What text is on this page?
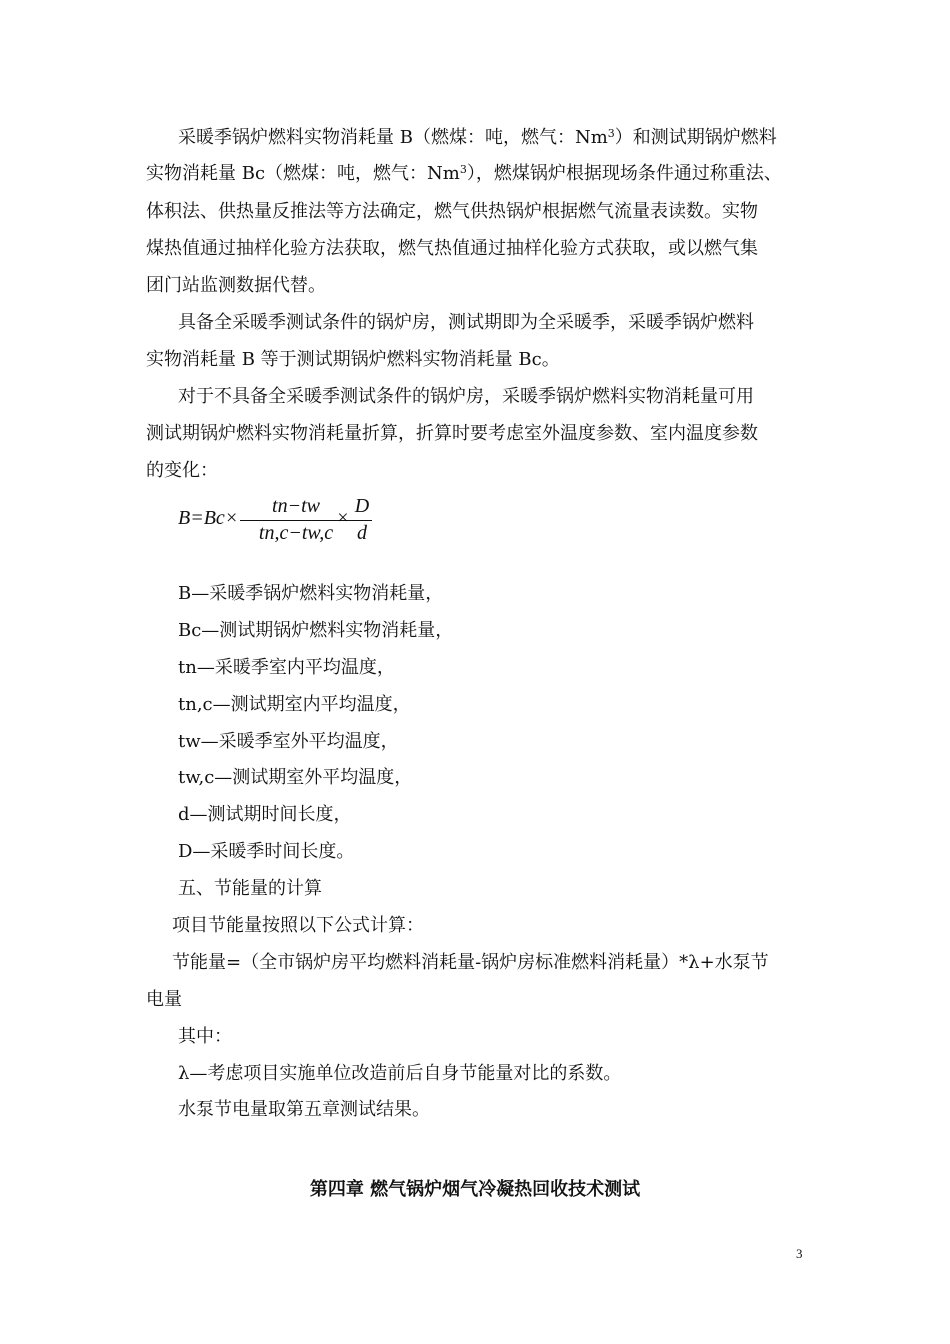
采暖季锅炉燃料实物消耗量 B（燃煤：吨，燃气：Nm$^3$）和测试期锅炉燃料
实物消耗量 Bc（燃煤：吨，燃气：Nm$^3$），燃煤锅炉根据现场条件通过称重法、
体积法、供热量反推法等方法确定，燃气供热锅炉根据燃气流量表读数。实物
煤热值通过抽样化验方法获取，燃气热值通过抽样化验方式获取，或以燃气集
团门站监测数据代替。
具备全采暖季测试条件的锅炉房，测试期即为全采暖季，采暖季锅炉燃料
实物消耗量 B 等于测试期锅炉燃料实物消耗量 Bc。
对于不具备全采暖季测试条件的锅炉房，采暖季锅炉燃料实物消耗量可用
测试期锅炉燃料实物消耗量折算，折算时要考虑室外温度参数、室内温度参数
的变化：
B=Bc×
tn−tw
tn,c−tw,c
×
D
d
B—采暖季锅炉燃料实物消耗量，
Bc—测试期锅炉燃料实物消耗量，
tn—采暖季室内平均温度，
tn,c—测试期室内平均温度，
tw—采暖季室外平均温度，
tw,c—测试期室外平均温度，
d—测试期时间长度，
D—采暖季时间长度。
五、节能量的计算
项目节能量按照以下公式计算：
节能量=（全市锅炉房平均燃料消耗量-锅炉房标准燃料消耗量）*λ+水泵节
电量
其中：
λ—考虑项目实施单位改造前后自身节能量对比的系数。
水泵节电量取第五章测试结果。
第四章 燃气锅炉烟气冷凝热回收技术测试
3
